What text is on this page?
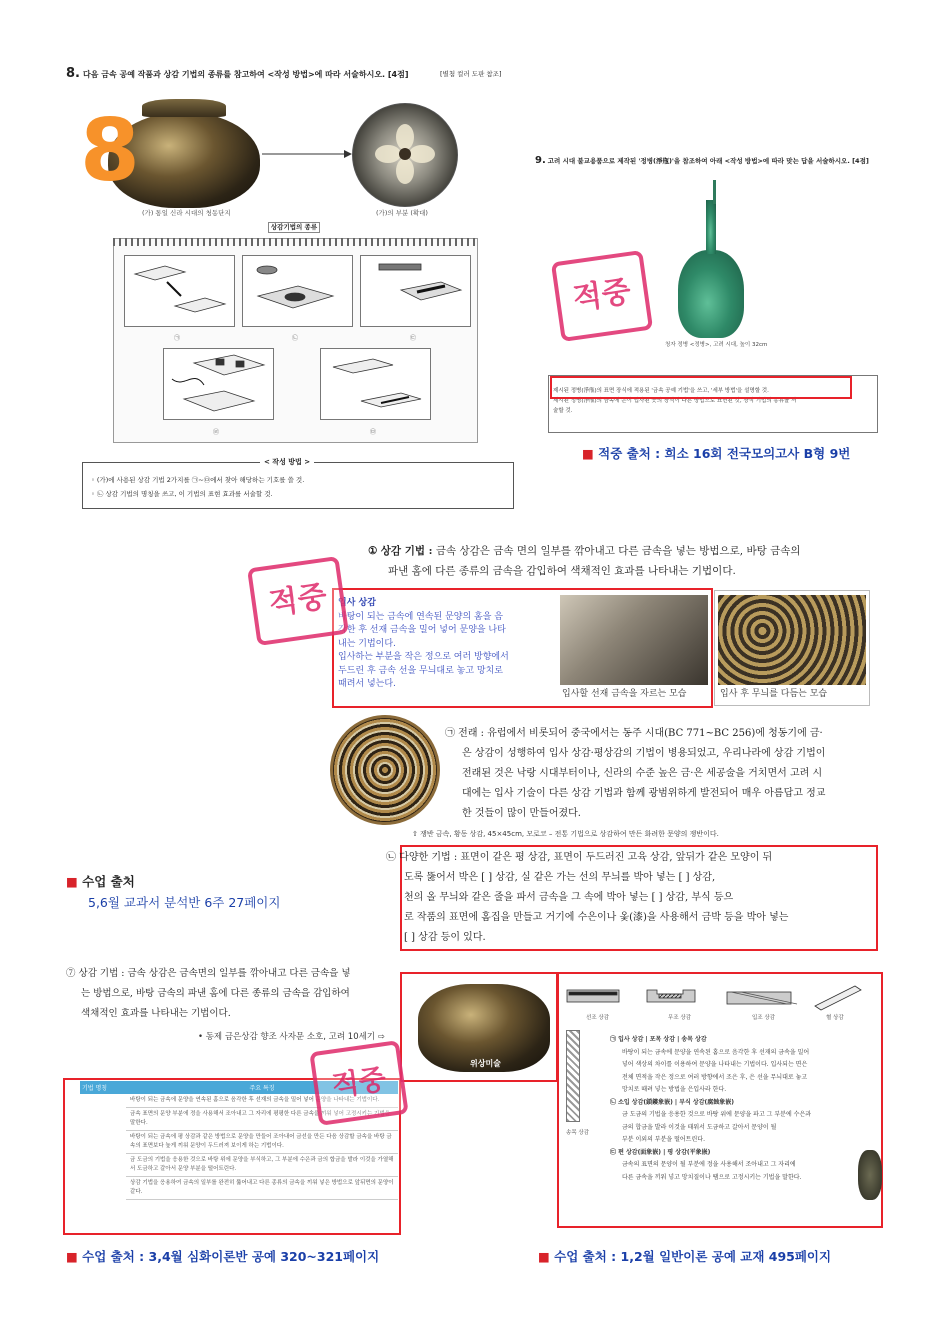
8. 다음 금속 공예 작품과 상감 기법의 종류를 참고하여 <작성 방법>에 따라 서술하시오. [4점]	[별첨 컬러 도판 참조]
8
(가) 통일 신라 시대의 청동단지	(가)의 부분 (확대)
상감기법의 종류
㉠	㉡	㉢
㉣	㉤
◦ (가)에 사용된 상감 기법 2가지를 ㉠~㉤에서 찾아 해당하는 기호를 쓸 것.
◦ ㉡ 상감 기법의 명칭을 쓰고, 이 기법의 표현 효과를 서술할 것.
< 작성 방법 >
9. 고려 시대 불교용품으로 제작된 '정병(淨甁)'을 참조하여 아래 <작성 방법>에 따라 맞는 답을 서술하시오. [4점]
청자 정병 <정병>, 고려 시대, 높이 32cm
제시된 정병(淨甁)의 표면 장식에 적용된 '금속 공예 기법'을 쓰고, '세부 방법'을 설명할 것.
제시된 정병(淨甁)의 금속에 은이 입사된 곳의 장식이 다른 방법으로 표현된 것, 장식 기법의 종류를 서
술할 것.
적중
■ 적중 출처 : 희소 16회 전국모의고사 B형 9번
① 상감 기법 : 금속 상감은 금속 면의 일부를 깎아내고 다른 금속을 넣는 방법으로, 바탕 금속의
파낸 홈에 다른 종류의 금속을 감입하여 색채적인 효과를 나타내는 기법이다.
입사 상감
바탕이 되는 금속에 연속된 문양의 홈을 음
각한 후 선재 금속을 밀어 넣어 문양을 나타
내는 기법이다.
입사하는 부분을 작은 정으로 여러 방향에서
두드린 후 금속 선을 무늬대로 놓고 망치로
때려서 넣는다.
입사할 선재 금속을 자르는 모습	입사 후 무늬를 다듬는 모습
적중
㉠ 전래 : 유럽에서 비롯되어 중국에서는 동주 시대(BC 771~BC 256)에 청동기에 금·
은 상감이 성행하여 입사 상감·평상감의 기법이 병용되었고, 우리나라에 상감 기법이
전래된 것은 낙랑 시대부터이나, 신라의 수준 높은 금·은 세공술을 거치면서 고려 시
대에는 입사 기술이 다른 상감 기법과 함께 광범위하게 발전되어 매우 아름답고 정교
한 것들이 많이 만들어졌다.
⇧ 쟁반 금속, 황동 상감, 45×45cm, 모로코 – 전통 기법으로 상감하여 만든 화려한 문양의 쟁반이다.
㉡ 다양한 기법 : 표면이 같은 평 상감, 표면이 두드러진 고육 상감, 앞뒤가 같은 모양이 뒤
도록 뚫어서 박은 [ ] 상감, 실 같은 가는 선의 무늬를 박아 넣는 [ ] 상감,
천의 올 무늬와 같은 줄을 파서 금속을 그 속에 박아 넣는 [ ] 상감, 부식 등으
로 작품의 표면에 홈집을 만들고 거기에 수은이나 옻(漆)을 사용해서 금박 등을 박아 넣는
[ ] 상감 등이 있다.
■ 수업 출처
5,6월 교과서 분석반 6주 27페이지
⑦ 상감 기법 : 금속 상감은 금속면의 일부를 깎아내고 다른 금속을 넣
는 방법으로, 바탕 금속의 파낸 홈에 다른 종류의 금속을 감입하여
색채적인 효과를 나타내는 기법이다.
• 동제 금은상감 향조 사자문 소호, 고려 10세기 ⇨
기법 명칭	주요 특징
바탕이 되는 금속에 문양을 연속된 홈으로 음각한 후 선재의 금속을 밀어 넣어 문양을 나타내는 기법이다.
금속 표면의 문양 부분에 정을 사용해서 조아내고 그 자리에 평평한 다른 금속을 끼워 넣어 고정시키는 기법을 말한다.
바탕이 되는 금속에 평 상감과 같은 방법으로 문양을 만들어 조아내어 금선을 만든 다음 상감할 금속을 바탕 금속의 표면보다 높게 끼워 문양이 두드러져 보이게 하는 기법이다.
금 도금의 기법을 응용한 것으로 바탕 위에 문양을 부식하고, 그 부분에 수은과 금의 합금을 발라 이것을 가열해서 도금하고 갈아서 문양 부분을 떨어트린다.
상감 기법을 응용하여 금속의 일부를 완전히 뚫어내고 다른 종류의 금속을 끼워 넣은 방법으로 앞뒤면의 문양이 같다.
위상미술
적중
선조 상감	무조 상감	입조 상감	혈 상감
송목 상감
㉠ 입사 상감 | 포목 상감 | 송목 상감
바탕이 되는 금속에 문양을 연속된 홈으로 음각한 후 선재의 금속을 밀어
넣어 색상의 차이를 이용하여 문양을 나타내는 기법이다. 입사되는 면은
전체 면적을 작은 정으로 여러 방향에서 조은 후, 은 선을 무늬대로 놓고
망치로 때려 넣는 방법을 은입사라 한다.
㉡ 소입 상감(鎖鏤象嵌) | 부식 상감(腐蝕象嵌)
금 도금의 기법을 응용한 것으로 바탕 위에 문양을 파고 그 부분에 수은과
금의 합금을 발라 이것을 태워서 도금하고 갈아서 문양이 될
부분 이외의 부분을 떨어트린다.
㉢ 편 상감(面象嵌) | 평 상감(平象嵌)
금속의 표면의 문양이 될 부분에 정을 사용해서 조아내고 그 자리에
다른 금속을 끼워 넣고 망치질이나 땜으로 고정시키는 기법을 말한다.
■ 수업 출처 : 3,4월 심화이론반 공예 320~321페이지	■ 수업 출처 : 1,2월 일반이론 공예 교재 495페이지
